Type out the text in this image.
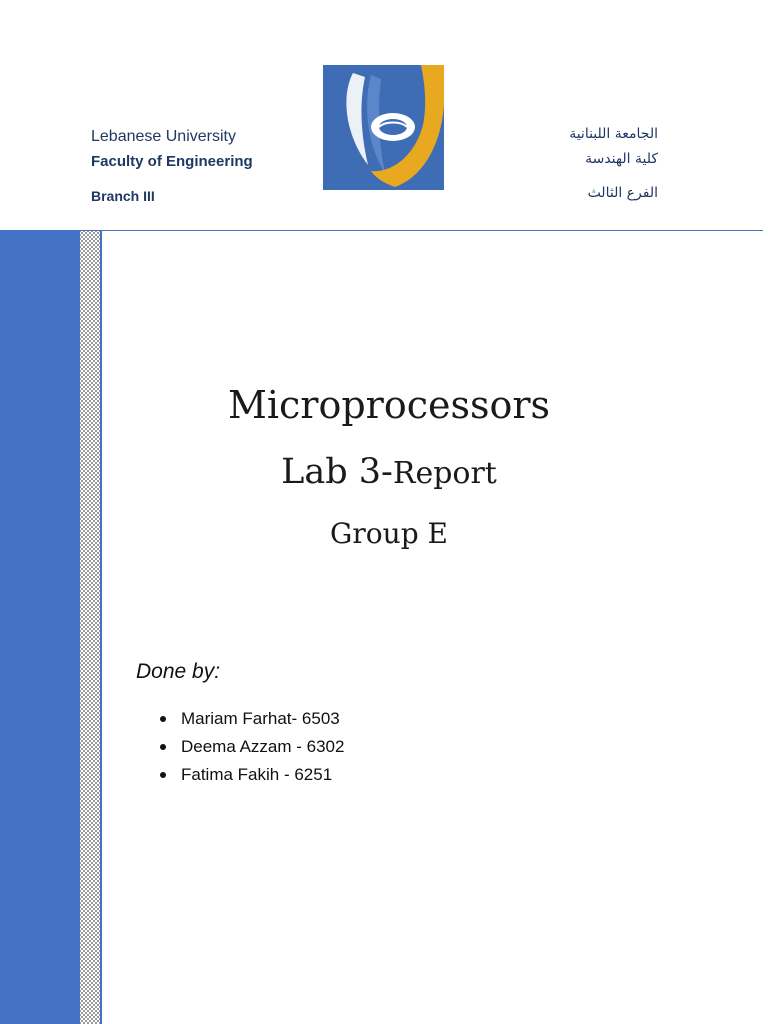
Lebanese University
Faculty of Engineering
Branch III
الجامعة اللبنانية
كلية الهندسة
الفرع الثالث
Microprocessors
Lab 3-Report
Group E
Done by:
Mariam Farhat- 6503
Deema Azzam - 6302
Fatima Fakih - 6251
